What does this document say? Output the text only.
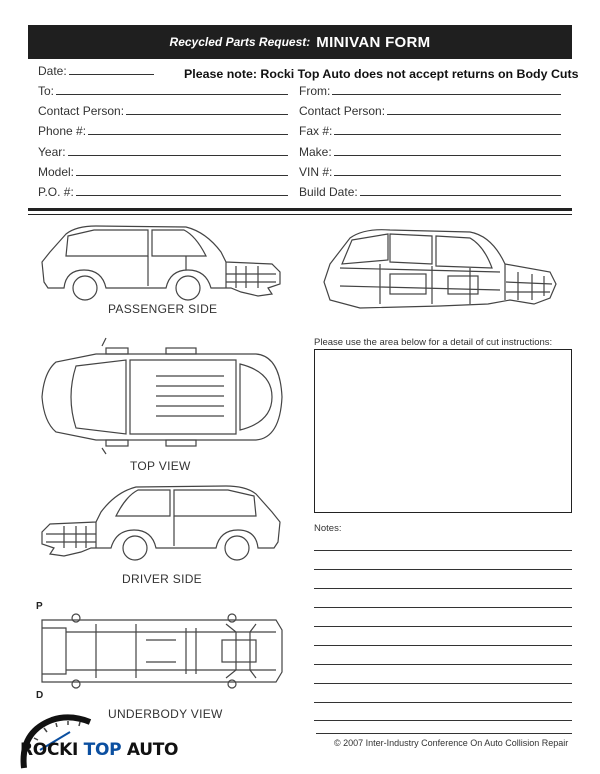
Recycled Parts Request: MINIVAN FORM
Please note: Rocki Top Auto does not accept returns on Body Cuts
Date:
To:
Contact Person:
Phone #:
Year:
Model:
P.O. #:
From:
Contact Person:
Fax #:
Make:
VIN #:
Build Date:
PASSENGER SIDE
TOP VIEW
DRIVER SIDE
P
D
UNDERBODY VIEW
Please use the area below for a detail of cut instructions:
Notes:
© 2007 Inter-Industry Conference On Auto Collision Repair
ROCKI TOP AUTO
